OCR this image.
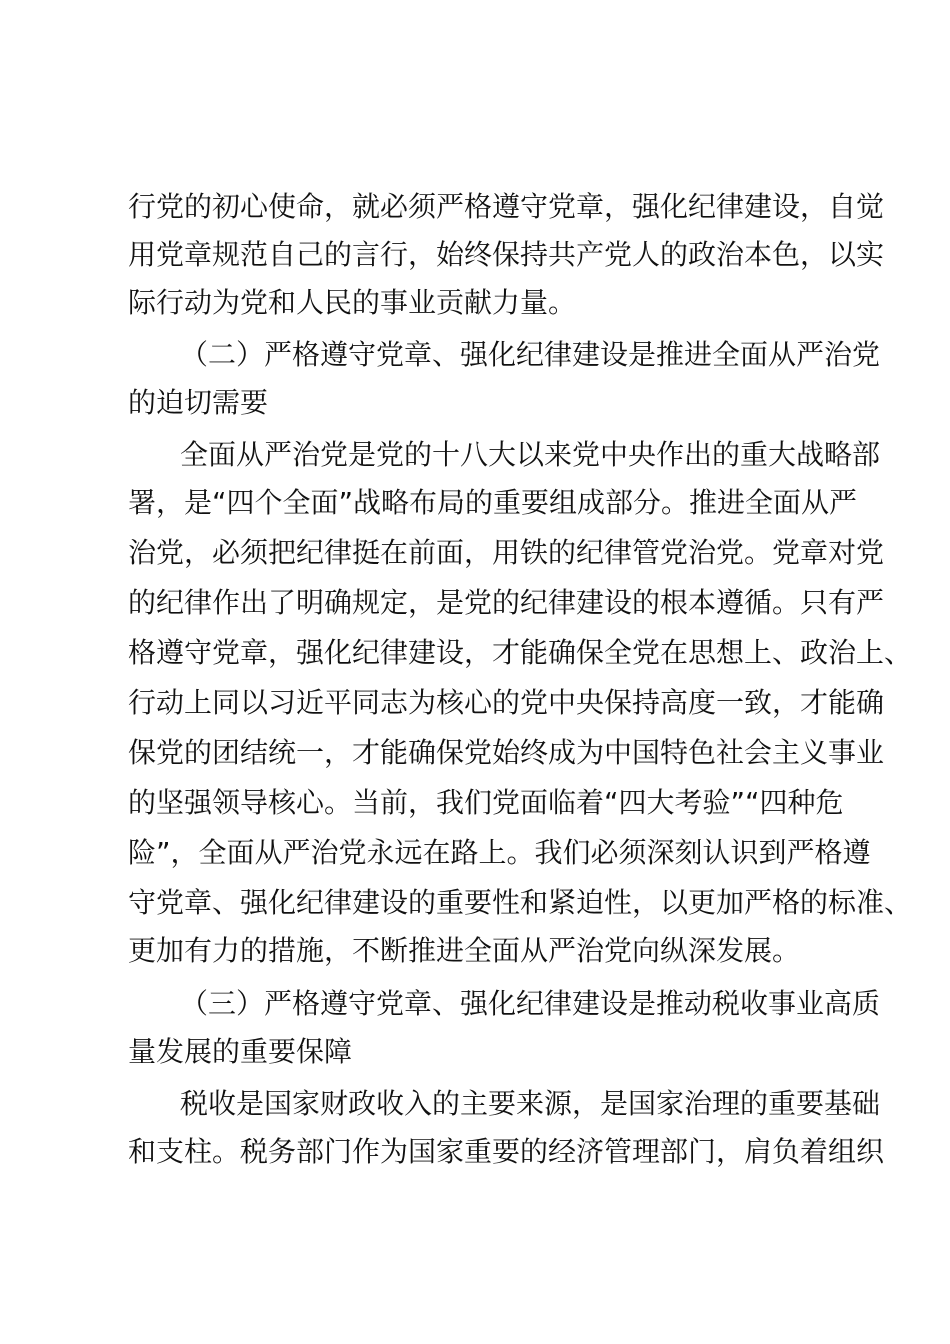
行党的初心使命，就必须严格遵守党章，强化纪律建设，自觉
用党章规范自己的言行，始终保持共产党人的政治本色，以实
际行动为党和人民的事业贡献力量。
（二）严格遵守党章、强化纪律建设是推进全面从严治党
的迫切需要
全面从严治党是党的十八大以来党中央作出的重大战略部
署，是“四个全面”战略布局的重要组成部分。推进全面从严
治党，必须把纪律挺在前面，用铁的纪律管党治党。党章对党
的纪律作出了明确规定，是党的纪律建设的根本遵循。只有严
格遵守党章，强化纪律建设，才能确保全党在思想上、政治上、
行动上同以习近平同志为核心的党中央保持高度一致，才能确
保党的团结统一，才能确保党始终成为中国特色社会主义事业
的坚强领导核心。当前，我们党面临着“四大考验”“四种危
险”，全面从严治党永远在路上。我们必须深刻认识到严格遵
守党章、强化纪律建设的重要性和紧迫性，以更加严格的标准、
更加有力的措施，不断推进全面从严治党向纵深发展。
（三）严格遵守党章、强化纪律建设是推动税收事业高质
量发展的重要保障
税收是国家财政收入的主要来源，是国家治理的重要基础
和支柱。税务部门作为国家重要的经济管理部门，肩负着组织
